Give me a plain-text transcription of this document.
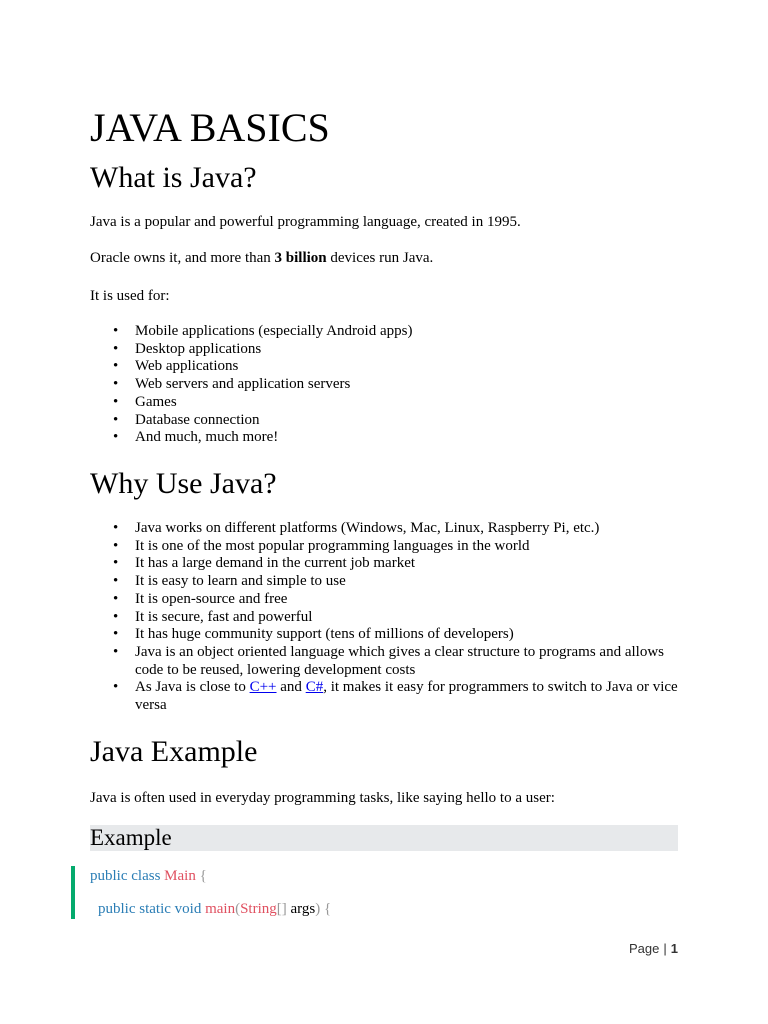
JAVA BASICS
What is Java?

Java is a popular and powerful programming language, created in 1995.

Oracle owns it, and more than 3 billion devices run Java.

It is used for:

• Mobile applications (especially Android apps)
• Desktop applications
• Web applications
• Web servers and application servers
• Games
• Database connection
• And much, much more!
Why Use Java?
• Java works on different platforms (Windows, Mac, Linux, Raspberry Pi, etc.)
• It is one of the most popular programming languages in the world
• It has a large demand in the current job market
• It is easy to learn and simple to use
• It is open-source and free
• It is secure, fast and powerful
• It has huge community support (tens of millions of developers)
• Java is an object oriented language which gives a clear structure to programs and allows code to be reused, lowering development costs
• As Java is close to C++ and C#, it makes it easy for programmers to switch to Java or vice versa
Java Example

Java is often used in everyday programming tasks, like saying hello to a user:

Example

public class Main {

public static void main(String[] args) {

Page | 1
